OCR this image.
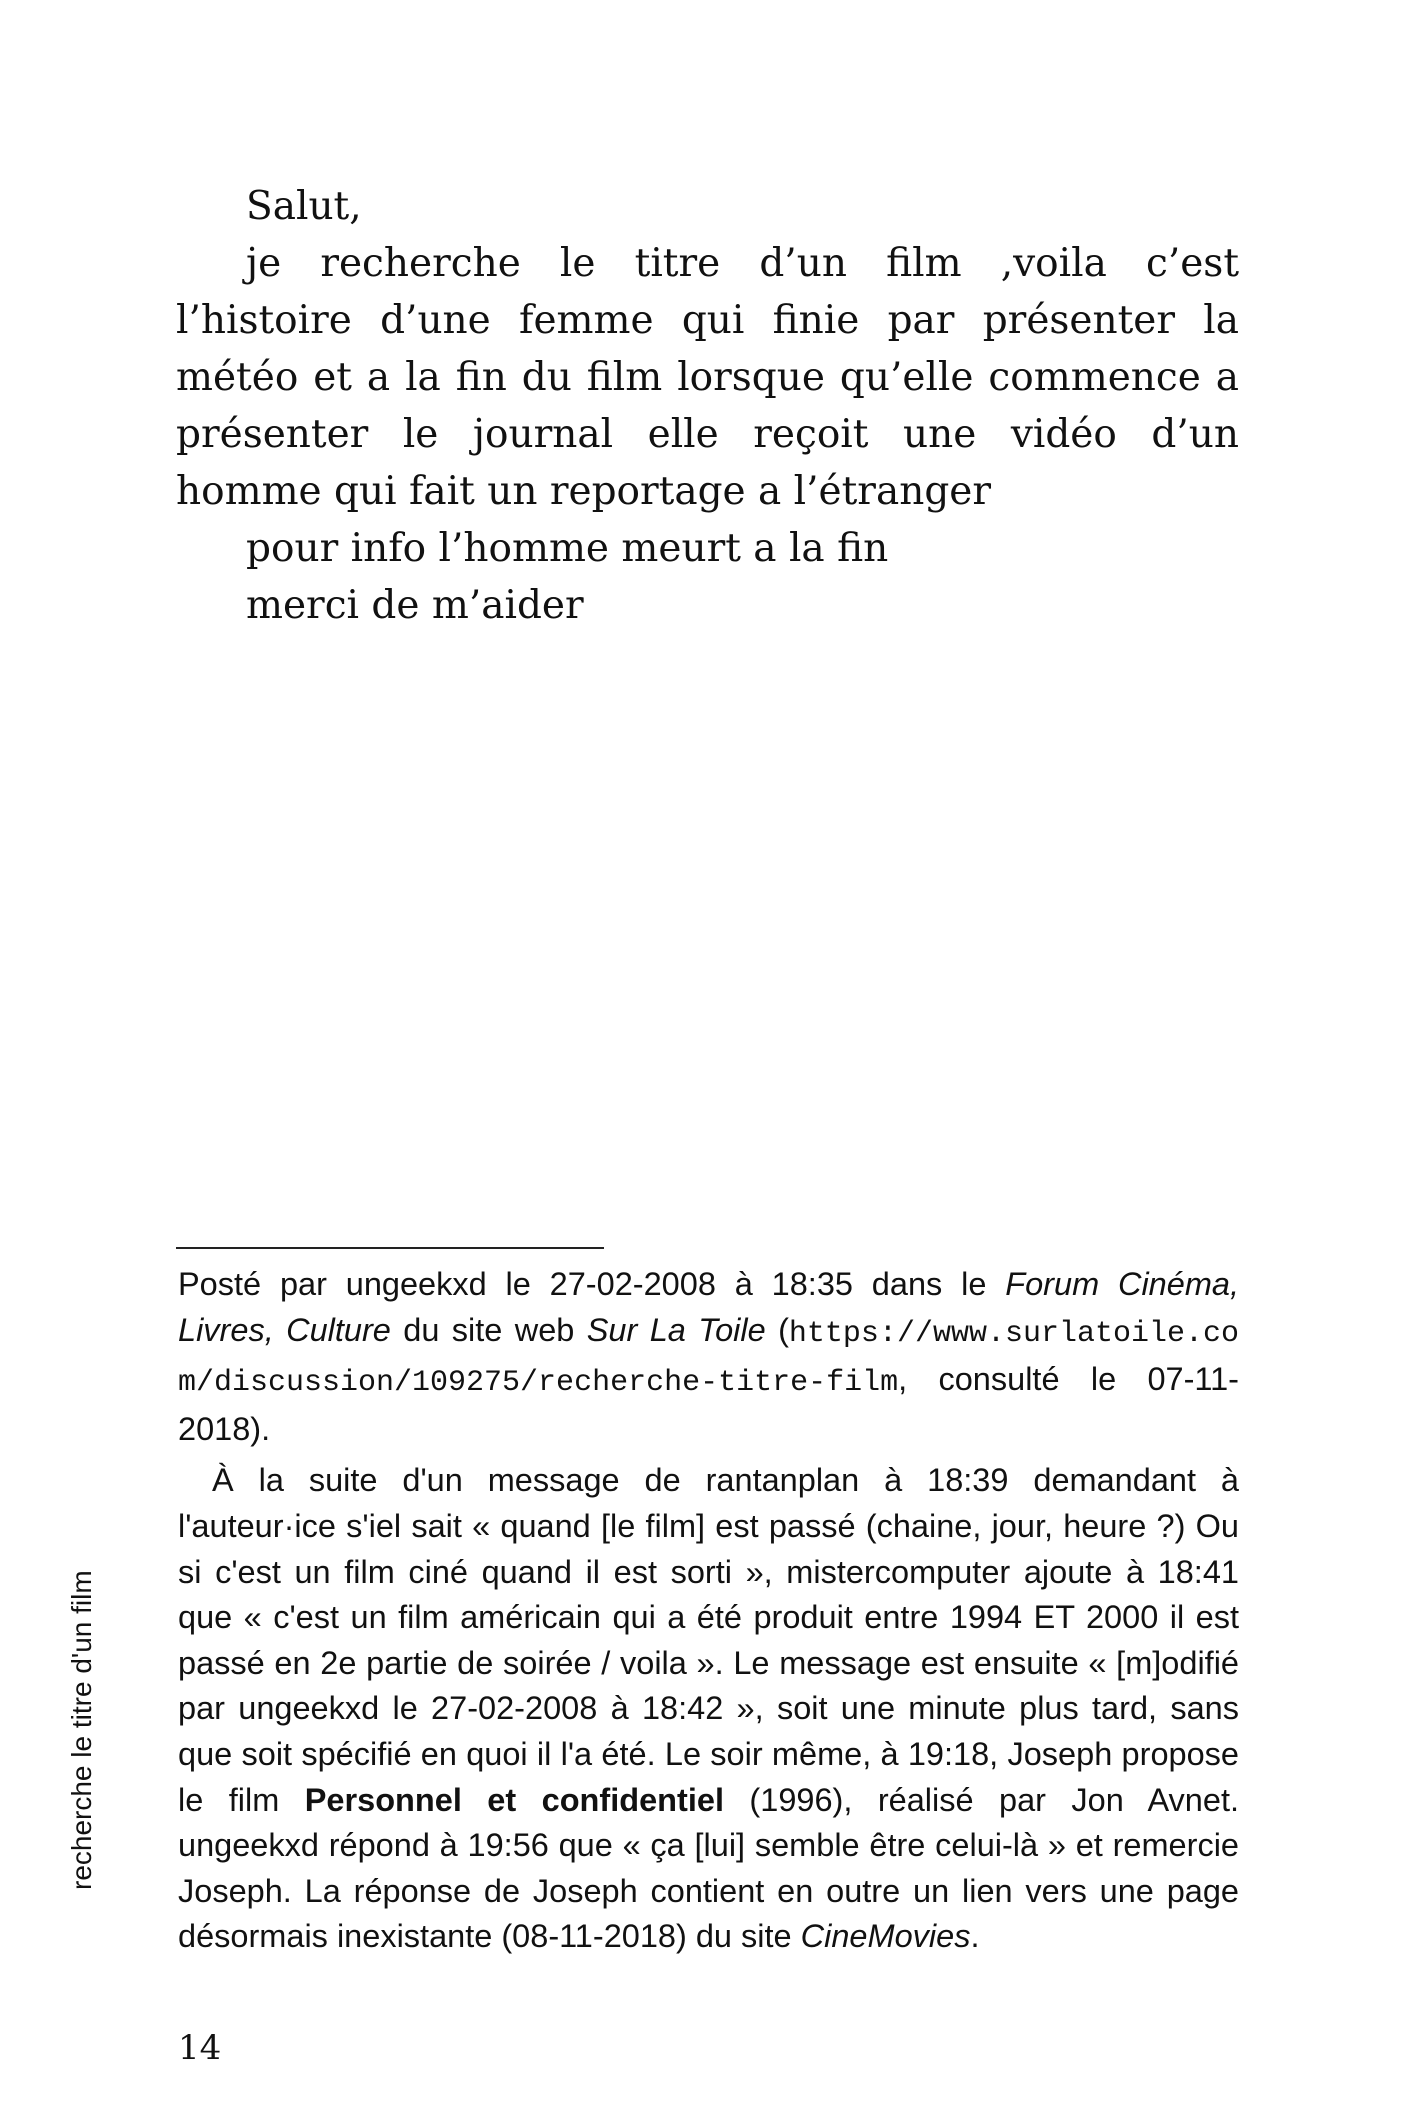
Salut,

je recherche le titre d’un film ,voila c’est l’histoire d’une femme qui finie par présenter la météo et a la fin du film lorsque qu’elle commence a présenter le journal elle reçoit une vidéo d’un homme qui fait un reportage a l’étranger

pour info l’homme meurt a la fin

merci de m’aider

Posté par ungeekxd le 27-02-2008 à 18:35 dans le Forum Cinéma, Livres, Culture du site web Sur La Toile (https://www.surlatoile.com/discussion/109275/recherche-titre-film, consulté le 07-11-2018).

À la suite d'un message de rantanplan à 18:39 demandant à l'auteur·ice s'iel sait « quand [le film] est passé (chaine, jour, heure ?) Ou si c'est un film ciné quand il est sorti », mistercomputer ajoute à 18:41 que « c'est un film américain qui a été produit entre 1994 ET 2000 il est passé en 2e partie de soirée / voila ». Le message est ensuite « [m]odifié par ungeekxd le 27-02-2008 à 18:42 », soit une minute plus tard, sans que soit spécifié en quoi il l'a été. Le soir même, à 19:18, Joseph propose le film Personnel et confidentiel (1996), réalisé par Jon Avnet. ungeekxd répond à 19:56 que « ça [lui] semble être celui-là » et remercie Joseph. La réponse de Joseph contient en outre un lien vers une page désormais inexistante (08-11-2018) du site CineMovies.

recherche le titre d'un film
14
